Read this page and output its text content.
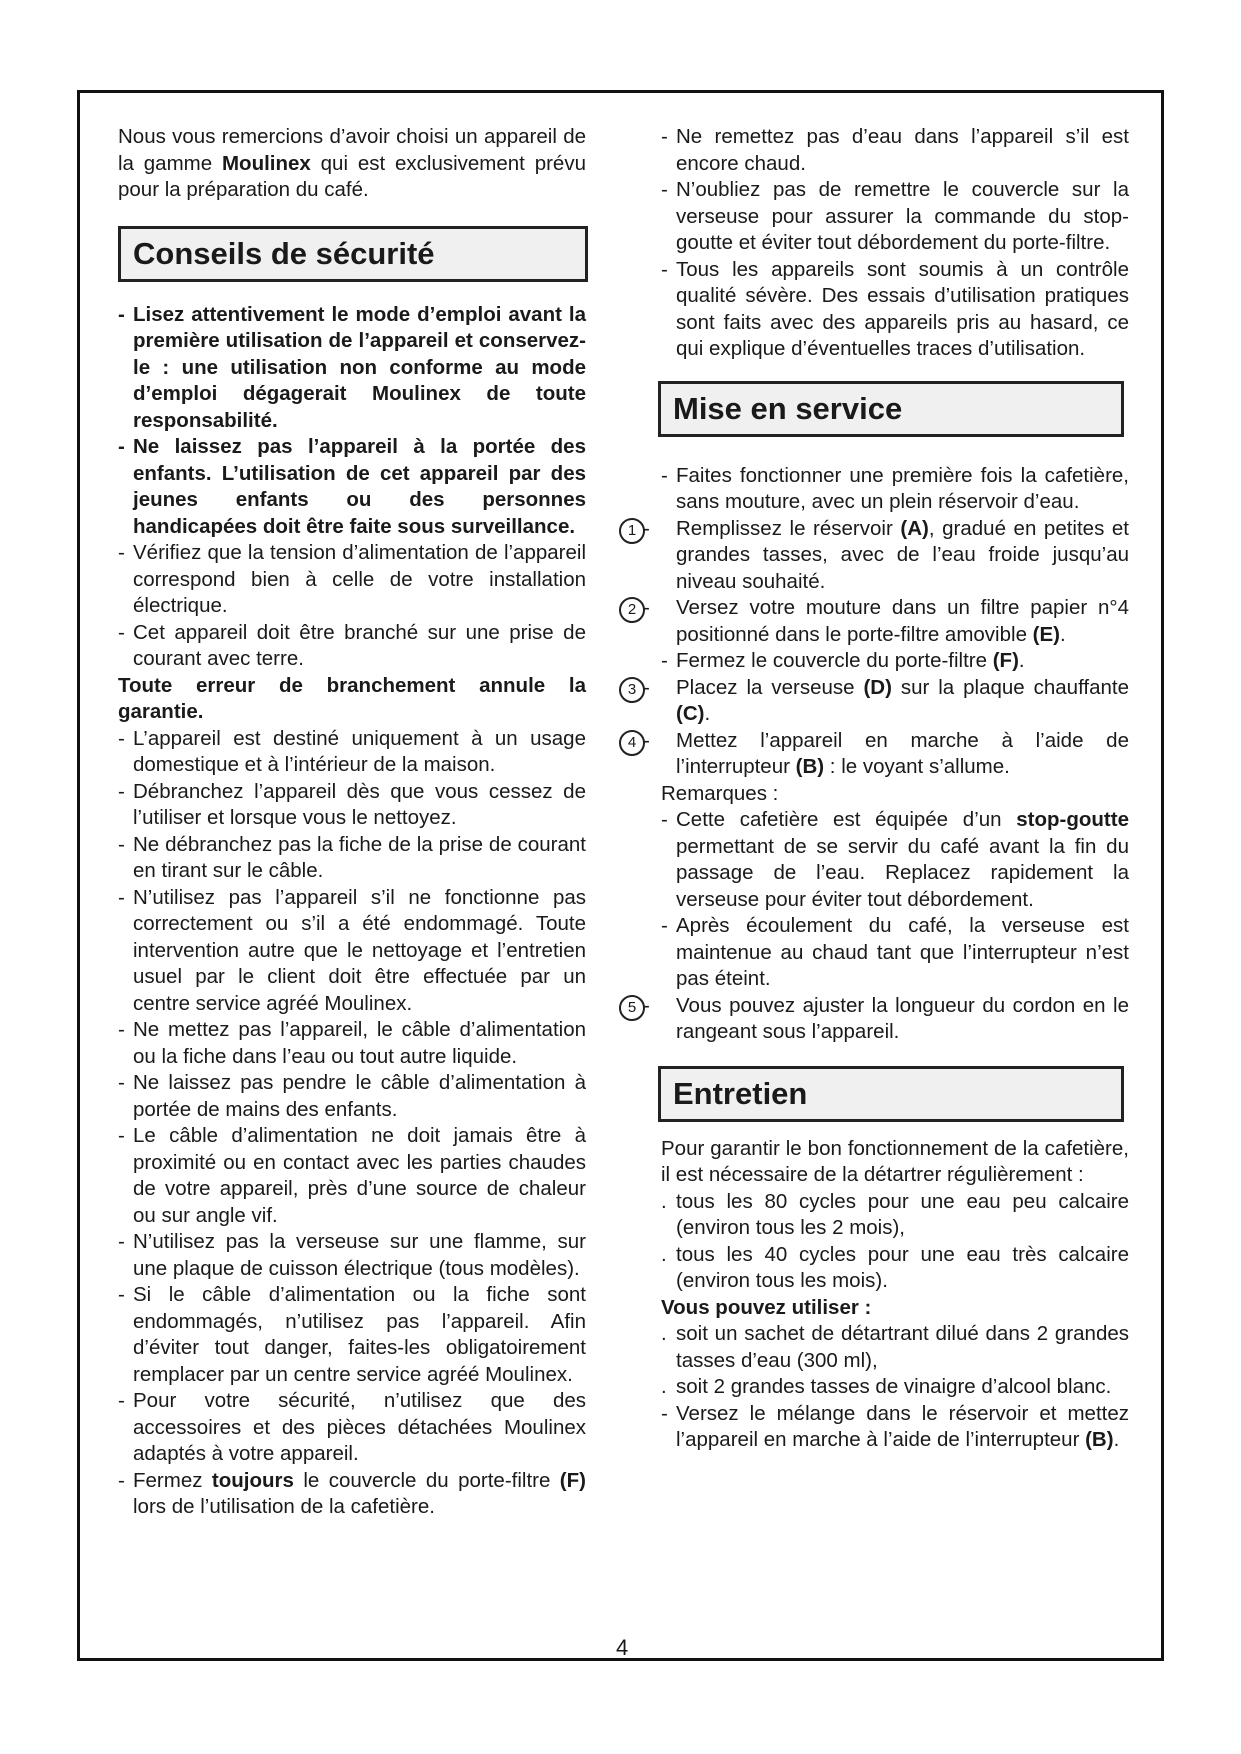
Nous vous remercions d’avoir choisi un appareil de la gamme Moulinex qui est exclusivement prévu pour la préparation du café.

Conseils de sécurité
- Lisez attentivement le mode d’emploi avant la première utilisation de l’appareil et conservez-le : une utilisation non conforme au mode d’emploi dégagerait Moulinex de toute responsabilité.
- Ne laissez pas l’appareil à la portée des enfants. L’utilisation de cet appareil par des jeunes enfants ou des personnes handicapées doit être faite sous surveillance.
- Vérifiez que la tension d’alimentation de l’appareil correspond bien à celle de votre installation électrique.
- Cet appareil doit être branché sur une prise de courant avec terre.

Toute erreur de branchement annule la garantie.

- L’appareil est destiné uniquement à un usage domestique et à l’intérieur de la maison.
- Débranchez l’appareil dès que vous cessez de l’utiliser et lorsque vous le nettoyez.
- Ne débranchez pas la fiche de la prise de courant en tirant sur le câble.
- N’utilisez pas l’appareil s’il ne fonctionne pas correctement ou s’il a été endommagé. Toute intervention autre que le nettoyage et l’entretien usuel par le client doit être effectuée par un centre service agréé Moulinex.
- Ne mettez pas l’appareil, le câble d’alimentation ou la fiche dans l’eau ou tout autre liquide.
- Ne laissez pas pendre le câble d’alimentation à portée de mains des enfants.
- Le câble d’alimentation ne doit jamais être à proximité ou en contact avec les parties chaudes de votre appareil, près d’une source de chaleur ou sur angle vif.
- N’utilisez pas la verseuse sur une flamme, sur une plaque de cuisson électrique (tous modèles).
- Si le câble d’alimentation ou la fiche sont endommagés, n’utilisez pas l’appareil. Afin d’éviter tout danger, faites-les obligatoirement remplacer par un centre service agréé Moulinex.
- Pour votre sécurité, n’utilisez que des accessoires et des pièces détachées Moulinex adaptés à votre appareil.
- Fermez toujours le couvercle du porte-filtre (F) lors de l’utilisation de la cafetière.
- Ne remettez pas d’eau dans l’appareil s’il est encore chaud.
- N’oubliez pas de remettre le couvercle sur la verseuse pour assurer la commande du stop-goutte et éviter tout débordement du porte-filtre.
- Tous les appareils sont soumis à un contrôle qualité sévère. Des essais d’utilisation pratiques sont faits avec des appareils pris au hasard, ce qui explique d’éventuelles traces d’utilisation.
Mise en service
- Faites fonctionner une première fois la cafetière, sans mouture, avec un plein réservoir d’eau.
1 - Remplissez le réservoir (A), gradué en petites et grandes tasses, avec de l’eau froide jusqu’au niveau souhaité.
2 - Versez votre mouture dans un filtre papier n°4 positionné dans le porte-filtre amovible (E).
- Fermez le couvercle du porte-filtre (F).
3 - Placez la verseuse (D) sur la plaque chauffante (C).
4 - Mettez l’appareil en marche à l’aide de l’interrupteur (B) : le voyant s’allume.

Remarques :

- Cette cafetière est équipée d’un stop-goutte permettant de se servir du café avant la fin du passage de l’eau. Replacez rapidement la verseuse pour éviter tout débordement.
- Après écoulement du café, la verseuse est maintenue au chaud tant que l’interrupteur n’est pas éteint.
5 - Vous pouvez ajuster la longueur du cordon en le rangeant sous l’appareil.
Entretien

Pour garantir le bon fonctionnement de la cafetière, il est nécessaire de la détartrer régulièrement :

. tous les 80 cycles pour une eau peu calcaire (environ tous les 2 mois),
. tous les 40 cycles pour une eau très calcaire (environ tous les mois).

Vous pouvez utiliser :

. soit un sachet de détartrant dilué dans 2 grandes tasses d’eau (300 ml),
. soit 2 grandes tasses de vinaigre d’alcool blanc.
- Versez le mélange dans le réservoir et mettez l’appareil en marche à l’aide de l’interrupteur (B).
4
